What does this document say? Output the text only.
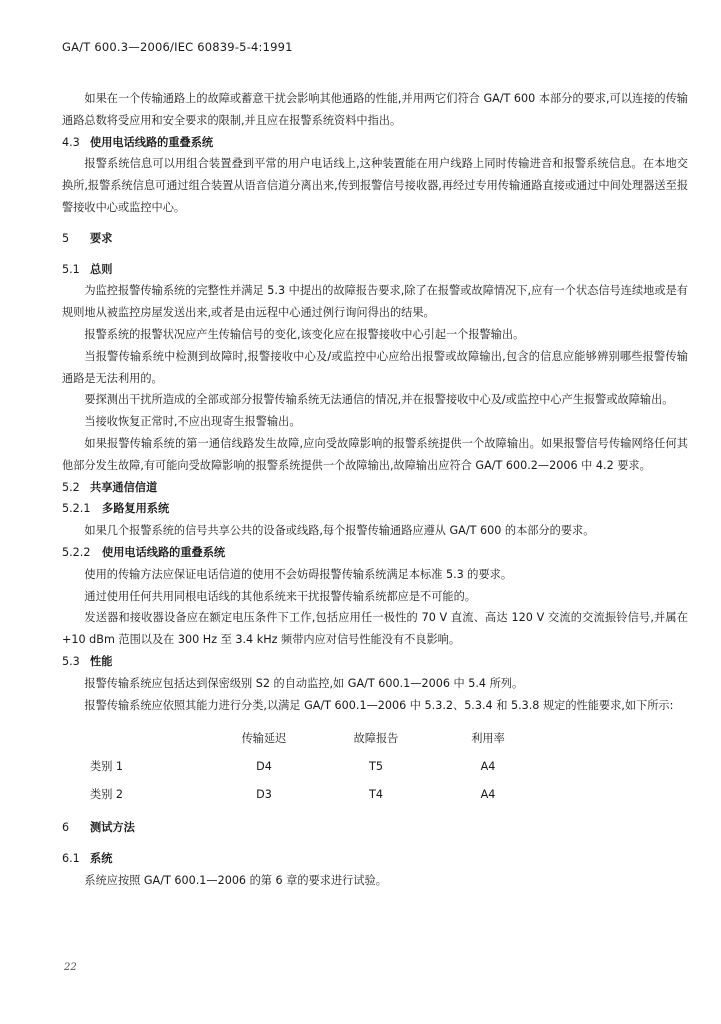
GA/T 600.3—2006/IEC 60839-5-4:1991

如果在一个传输通路上的故障或蓄意干扰会影响其他通路的性能,并用两它们符合 GA/T 600 本部分的要求,可以连接的传输通路总数将受应用和安全要求的限制,并且应在报警系统资料中指出。

4.3 使用电话线路的重叠系统

报警系统信息可以用组合装置叠到平常的用户电话线上,这种装置能在用户线路上同时传输进音和报警系统信息。在本地交换所,报警系统信息可通过组合装置从语音信道分离出来,传到报警信号接收器,再经过专用传输通路直接或通过中间处理器送至报警接收中心或监控中心。

5 要求
5.1 总则

为监控报警传输系统的完整性并满足 5.3 中提出的故障报告要求,除了在报警或故障情况下,应有一个状态信号连续地或是有规则地从被监控房屋发送出来,或者是由远程中心通过例行询问得出的结果。

报警系统的报警状况应产生传输信号的变化,该变化应在报警接收中心引起一个报警输出。

当报警传输系统中检测到故障时,报警接收中心及/或监控中心应给出报警或故障输出,包含的信息应能够辨别哪些报警传输通路是无法利用的。

要探测出干扰所造成的全部或部分报警传输系统无法通信的情况,并在报警接收中心及/或监控中心产生报警或故障输出。

当接收恢复正常时,不应出现寄生报警输出。

如果报警传输系统的第一通信线路发生故障,应向受故障影响的报警系统提供一个故障输出。如果报警信号传输网络任何其他部分发生故障,有可能向受故障影响的报警系统提供一个故障输出,故障输出应符合 GA/T 600.2—2006 中 4.2 要求。

5.2 共享通信信道
5.2.1 多路复用系统

如果几个报警系统的信号共享公共的设备或线路,每个报警传输通路应遵从 GA/T 600 的本部分的要求。

5.2.2 使用电话线路的重叠系统

使用的传输方法应保证电话信道的使用不会妨碍报警传输系统满足本标准 5.3 的要求。

通过使用任何共用同根电话线的其他系统来干扰报警传输系统都应是不可能的。

发送器和接收器设备应在额定电压条件下工作,包括应用任一极性的 70 V 直流、高达 120 V 交流的交流振铃信号,并属在 +10 dBm 范围以及在 300 Hz 至 3.4 kHz 频带内应对信号性能没有不良影响。

5.3 性能

报警传输系统应包括达到保密级别 S2 的自动监控,如 GA/T 600.1—2006 中 5.4 所列。

报警传输系统应依照其能力进行分类,以满足 GA/T 600.1—2006 中 5.3.2、5.3.4 和 5.3.8 规定的性能要求,如下所示:

	传输延迟	故障报告	利用率
类别 1	D4	T5	A4
类别 2	D3	T4	A4
6 测试方法
6.1 系统

系统应按照 GA/T 600.1—2006 的第 6 章的要求进行试验。

22
